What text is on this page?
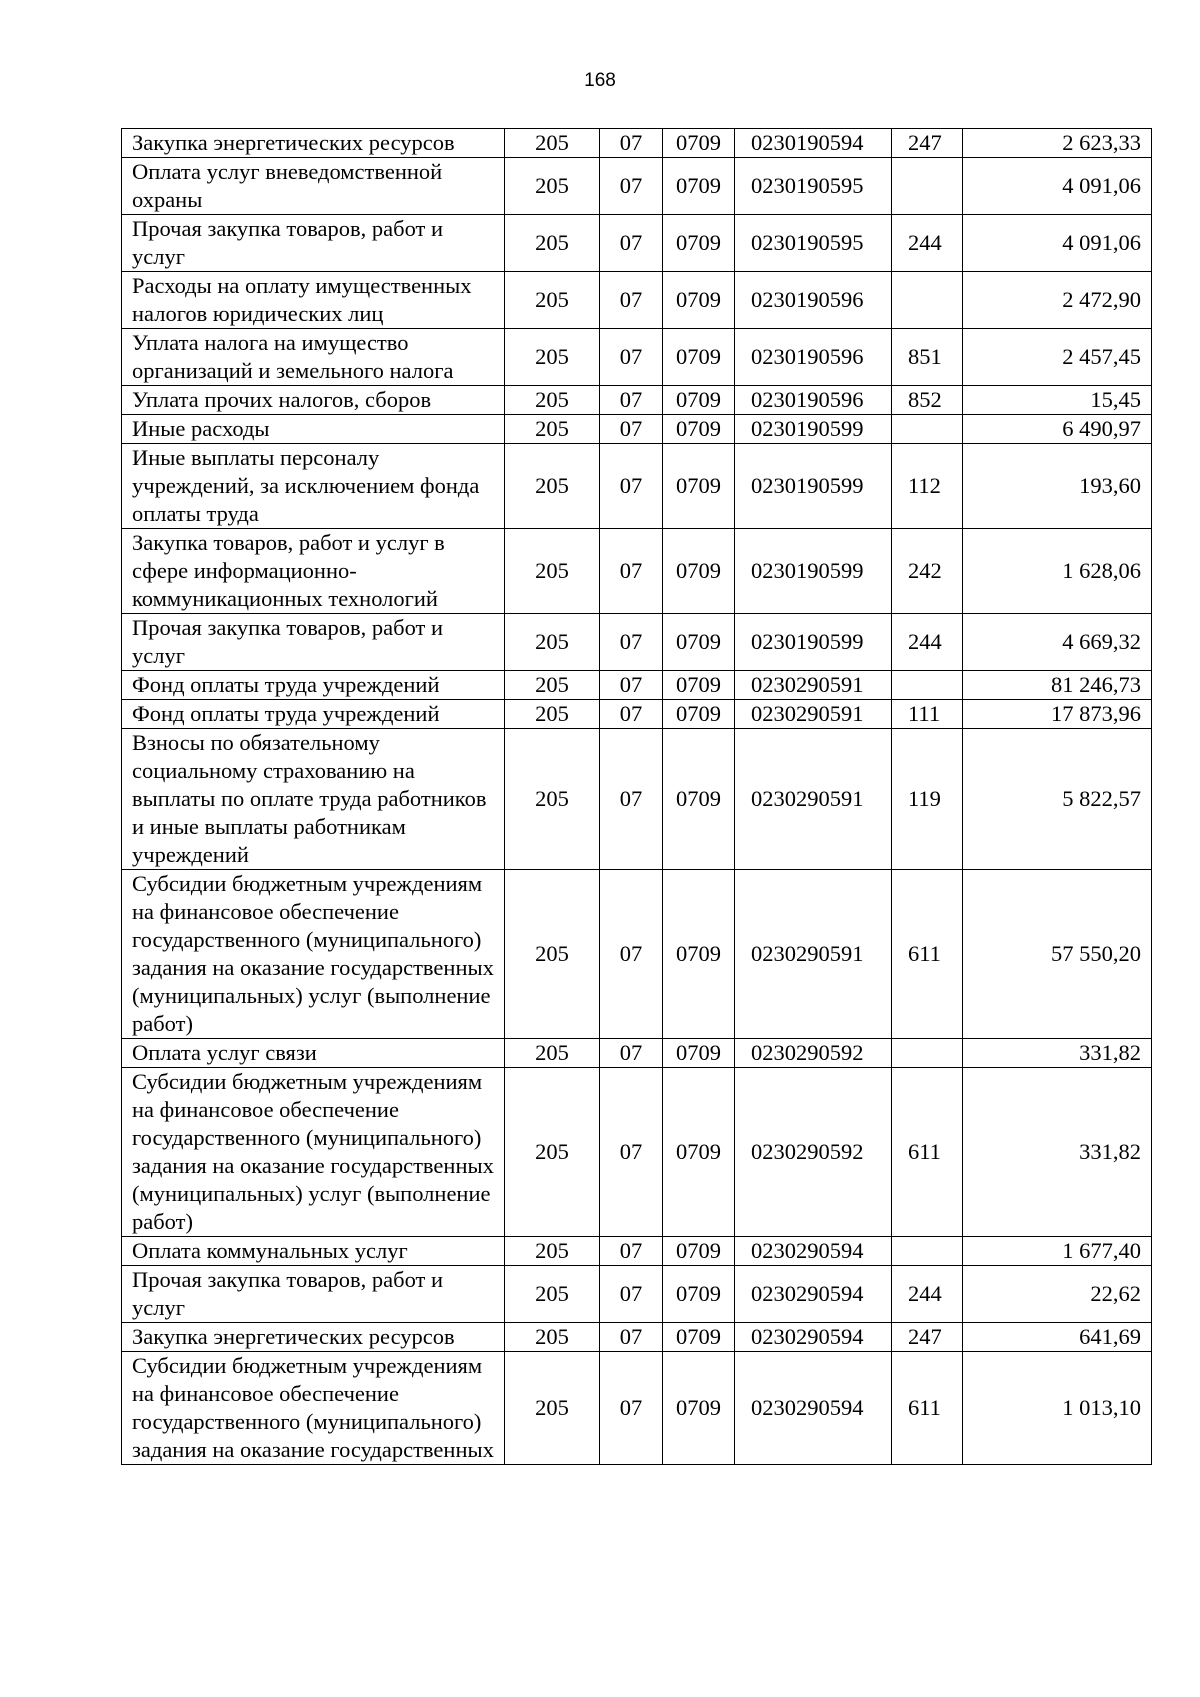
168
Закупка энергетических ресурсов	205	07	0709	0230190594	247	2 623,33
Оплата услуг вневедомственной охраны	205	07	0709	0230190595		4 091,06
Прочая закупка товаров, работ и услуг	205	07	0709	0230190595	244	4 091,06
Расходы на оплату имущественных налогов юридических лиц	205	07	0709	0230190596		2 472,90
Уплата налога на имущество организаций и земельного налога	205	07	0709	0230190596	851	2 457,45
Уплата прочих налогов, сборов	205	07	0709	0230190596	852	15,45
Иные расходы	205	07	0709	0230190599		6 490,97
Иные выплаты персоналу учреждений, за исключением фонда оплаты труда	205	07	0709	0230190599	112	193,60
Закупка товаров, работ и услуг в сфере информационно-коммуникационных технологий	205	07	0709	0230190599	242	1 628,06
Прочая закупка товаров, работ и услуг	205	07	0709	0230190599	244	4 669,32
Фонд оплаты труда учреждений	205	07	0709	0230290591		81 246,73
Фонд оплаты труда учреждений	205	07	0709	0230290591	111	17 873,96
Взносы по обязательному социальному страхованию на выплаты по оплате труда работников и иные выплаты работникам учреждений	205	07	0709	0230290591	119	5 822,57
Субсидии бюджетным учреждениям на финансовое обеспечение государственного (муниципального) задания на оказание государственных (муниципальных) услуг (выполнение работ)	205	07	0709	0230290591	611	57 550,20
Оплата услуг связи	205	07	0709	0230290592		331,82
Субсидии бюджетным учреждениям на финансовое обеспечение государственного (муниципального) задания на оказание государственных (муниципальных) услуг (выполнение работ)	205	07	0709	0230290592	611	331,82
Оплата коммунальных услуг	205	07	0709	0230290594		1 677,40
Прочая закупка товаров, работ и услуг	205	07	0709	0230290594	244	22,62
Закупка энергетических ресурсов	205	07	0709	0230290594	247	641,69
Субсидии бюджетным учреждениям на финансовое обеспечение государственного (муниципального) задания на оказание государственных	205	07	0709	0230290594	611	1 013,10
